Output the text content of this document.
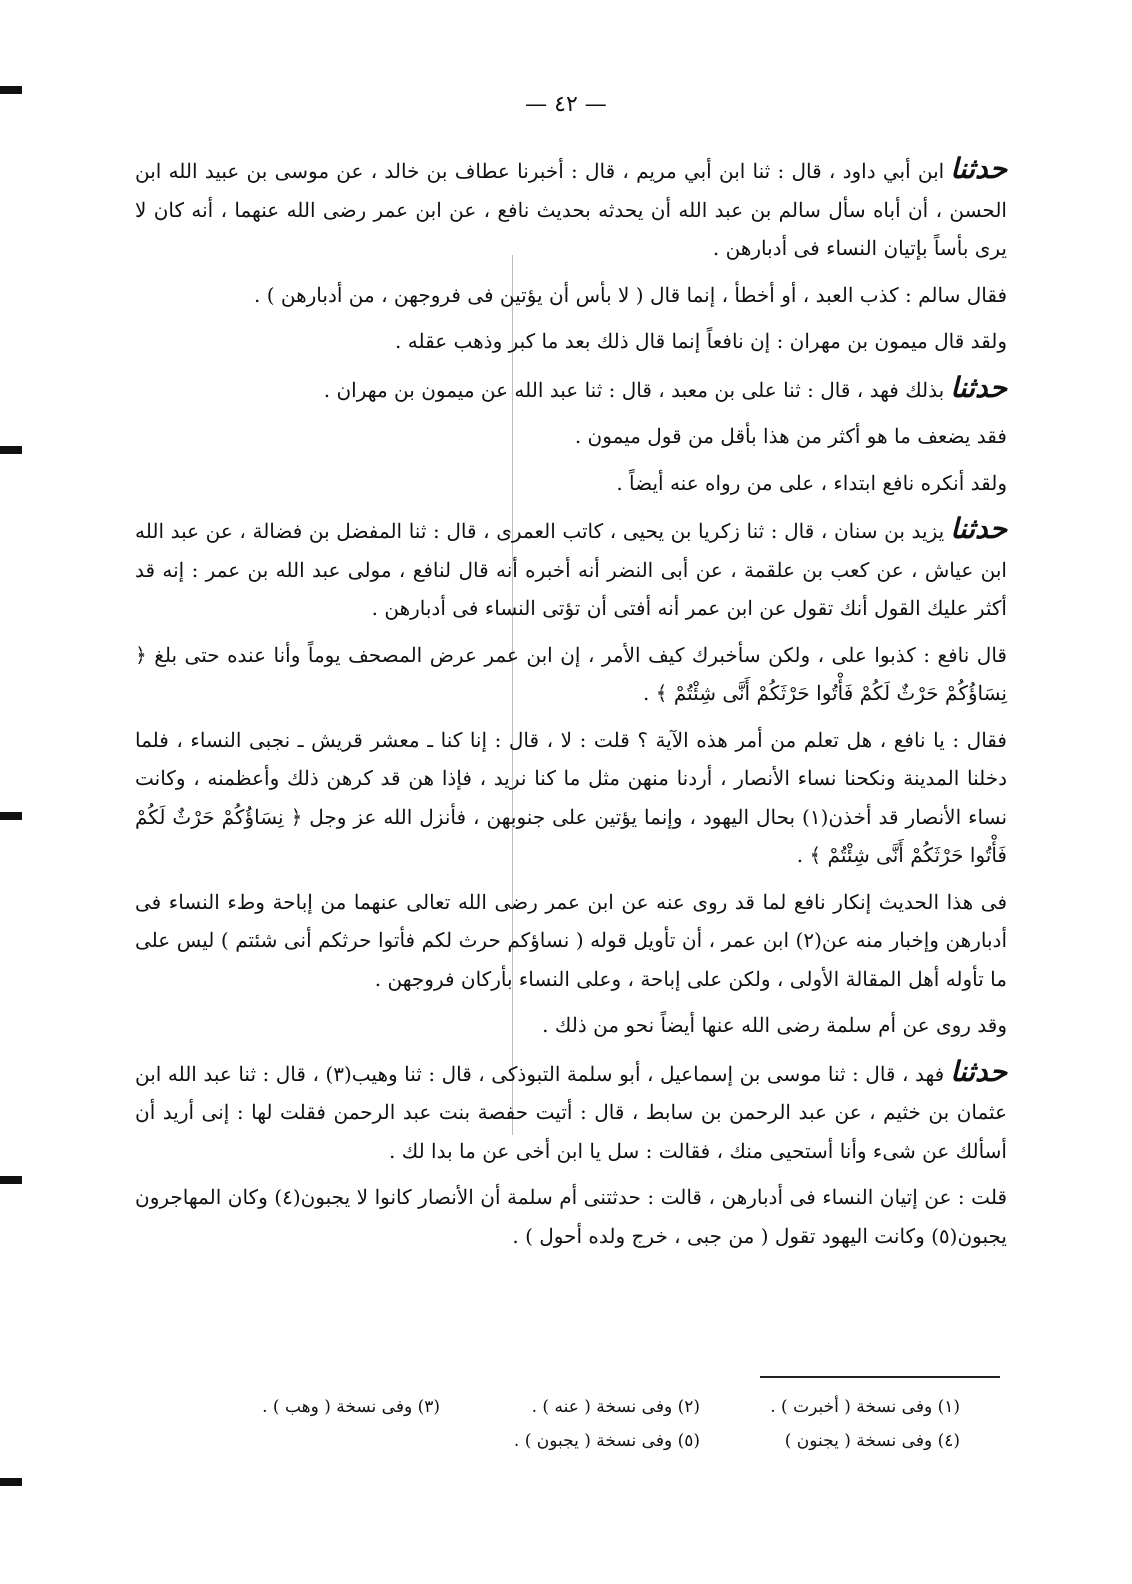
— ٤٢ —

حدثناابن أبي داود ، قال : ثنا ابن أبي مريم ، قال : أخبرنا عطاف بن خالد ، عن موسى بن عبيد الله ابن الحسن ، أن أباه سأل سالم بن عبد الله أن يحدثه بحديث نافع ، عن ابن عمر رضى الله عنهما ، أنه كان لا يرى بأساً بإتيان النساء فى أدبارهن .

فقال سالم : كذب العبد ، أو أخطأ ، إنما قال ( لا بأس أن يؤتين فى فروجهن ، من أدبارهن ) .

ولقد قال ميمون بن مهران : إن نافعاً إنما قال ذلك بعد ما كبر وذهب عقله .

حدثنابذلك فهد ، قال : ثنا على بن معبد ، قال : ثنا عبد الله عن ميمون بن مهران .

فقد يضعف ما هو أكثر من هذا بأقل من قول ميمون .

ولقد أنكره نافع ابتداء ، على من رواه عنه أيضاً .

حدثنايزيد بن سنان ، قال : ثنا زكريا بن يحيى ، كاتب العمرى ، قال : ثنا المفضل بن فضالة ، عن عبد الله ابن عياش ، عن كعب بن علقمة ، عن أبى النضر أنه أخبره أنه قال لنافع ، مولى عبد الله بن عمر : إنه قد أكثر عليك القول أنك تقول عن ابن عمر أنه أفتى أن تؤتى النساء فى أدبارهن .

قال نافع : كذبوا على ، ولكن سأخبرك كيف الأمر ، إن ابن عمر عرض المصحف يوماً وأنا عنده حتى بلغ ﴿ نِسَاؤُكُمْ حَرْثٌ لَكُمْ فَأْتُوا حَرْثَكُمْ أَنَّى شِئْتُمْ ﴾ .

فقال : يا نافع ، هل تعلم من أمر هذه الآية ؟ قلت : لا ، قال : إنا كنا ـ معشر قريش ـ نجبى النساء ، فلما دخلنا المدينة ونكحنا نساء الأنصار ، أردنا منهن مثل ما كنا نريد ، فإذا هن قد كرهن ذلك وأعظمنه ، وكانت نساء الأنصار قد أخذن(١) بحال اليهود ، وإنما يؤتين على جنوبهن ، فأنزل الله عز وجل ﴿ نِسَاؤُكُمْ حَرْثٌ لَكُمْ فَأْتُوا حَرْثَكُمْ أَنَّى شِئْتُمْ ﴾ .

فى هذا الحديث إنكار نافع لما قد روى عنه عن ابن عمر رضى الله تعالى عنهما من إباحة وطء النساء فى أدبارهن وإخبار منه عن(٢) ابن عمر ، أن تأويل قوله ( نساؤكم حرث لكم فأتوا حرثكم أنى شئتم ) ليس على ما تأوله أهل المقالة الأولى ، ولكن على إباحة ، وعلى النساء بأركان فروجهن .

وقد روى عن أم سلمة رضى الله عنها أيضاً نحو من ذلك .

حدثنافهد ، قال : ثنا موسى بن إسماعيل ، أبو سلمة التبوذكى ، قال : ثنا وهيب(٣) ، قال : ثنا عبد الله ابن عثمان بن خثيم ، عن عبد الرحمن بن سابط ، قال : أتيت حفصة بنت عبد الرحمن فقلت لها : إنى أريد أن أسألك عن شىء وأنا أستحيى منك ، فقالت : سل يا ابن أخى عن ما بدا لك .

قلت : عن إتيان النساء فى أدبارهن ، قالت : حدثتنى أم سلمة أن الأنصار كانوا لا يجبون(٤) وكان المهاجرون يجبون(٥) وكانت اليهود تقول ( من جبى ، خرج ولده أحول ) .

(١) وفى نسخة ( أخبرت ) .
(٢) وفى نسخة ( عنه ) .
(٣) وفى نسخة ( وهب ) .
(٤) وفى نسخة ( يجنون )
(٥) وفى نسخة ( يجبون ) .
